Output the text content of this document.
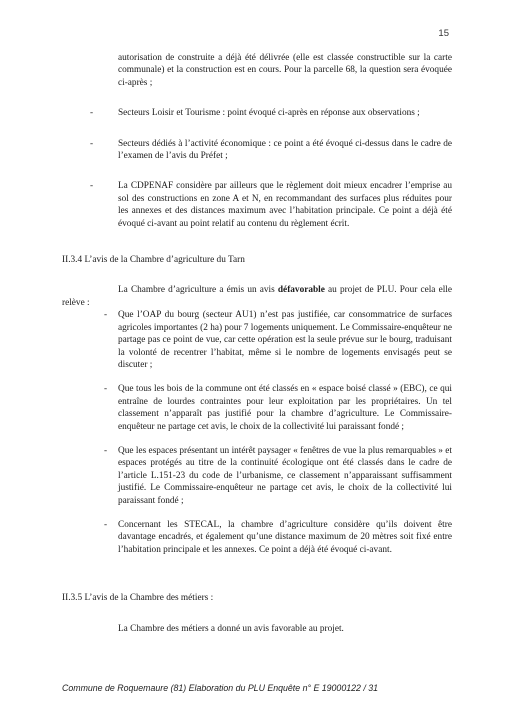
15

autorisation de construite a déjà été délivrée (elle est classée constructible sur la carte communale) et la construction est en cours. Pour la parcelle 68, la question sera évoquée ci-après ;

-	Secteurs Loisir et Tourisme : point évoqué ci-après en réponse aux observations ;

-	Secteurs dédiés à l’activité économique : ce point a été évoqué ci-dessus dans le cadre de l’examen de l’avis du Préfet ;

-	La CDPENAF considère par ailleurs que le règlement doit mieux encadrer l’emprise au sol des constructions en zone A et N, en recommandant des surfaces plus réduites pour les annexes et des distances maximum avec l’habitation principale. Ce point a déjà été évoqué ci-avant au point relatif au contenu du règlement écrit.

II.3.4 L’avis de la Chambre d’agriculture du Tarn

La Chambre d’agriculture a émis un avis défavorable au projet de PLU. Pour cela elle relève :

- Que l’OAP du bourg (secteur AU1) n’est pas justifiée, car consommatrice de surfaces agricoles importantes (2 ha) pour 7 logements uniquement. Le Commissaire-enquêteur ne partage pas ce point de vue, car cette opération est la seule prévue sur le bourg, traduisant la volonté de recentrer l’habitat, même si le nombre de logements envisagés peut se discuter ;

- Que tous les bois de la commune ont été classés en « espace boisé classé » (EBC), ce qui entraîne de lourdes contraintes pour leur exploitation par les propriétaires. Un tel classement n’apparaît pas justifié pour la chambre d’agriculture. Le Commissaire-enquêteur ne partage cet avis, le choix de la collectivité lui paraissant fondé ;

- Que les espaces présentant un intérêt paysager « fenêtres de vue la plus remarquables » et espaces protégés au titre de la continuité écologique ont été classés dans le cadre de l’article L.151-23 du code de l’urbanisme, ce classement n’apparaissant suffisamment justifié. Le Commissaire-enquêteur ne partage cet avis, le choix de la collectivité lui paraissant fondé ;

- Concernant les STECAL, la chambre d’agriculture considère qu’ils doivent être davantage encadrés, et également qu’une distance maximum de 20 mètres soit fixé entre l’habitation principale et les annexes. Ce point a déjà été évoqué ci-avant.

II.3.5 L’avis de la Chambre des métiers :

La Chambre des métiers a donné un avis favorable au projet.

Commune de Roquemaure (81) Elaboration du PLU Enquête n° E 19000122 / 31
